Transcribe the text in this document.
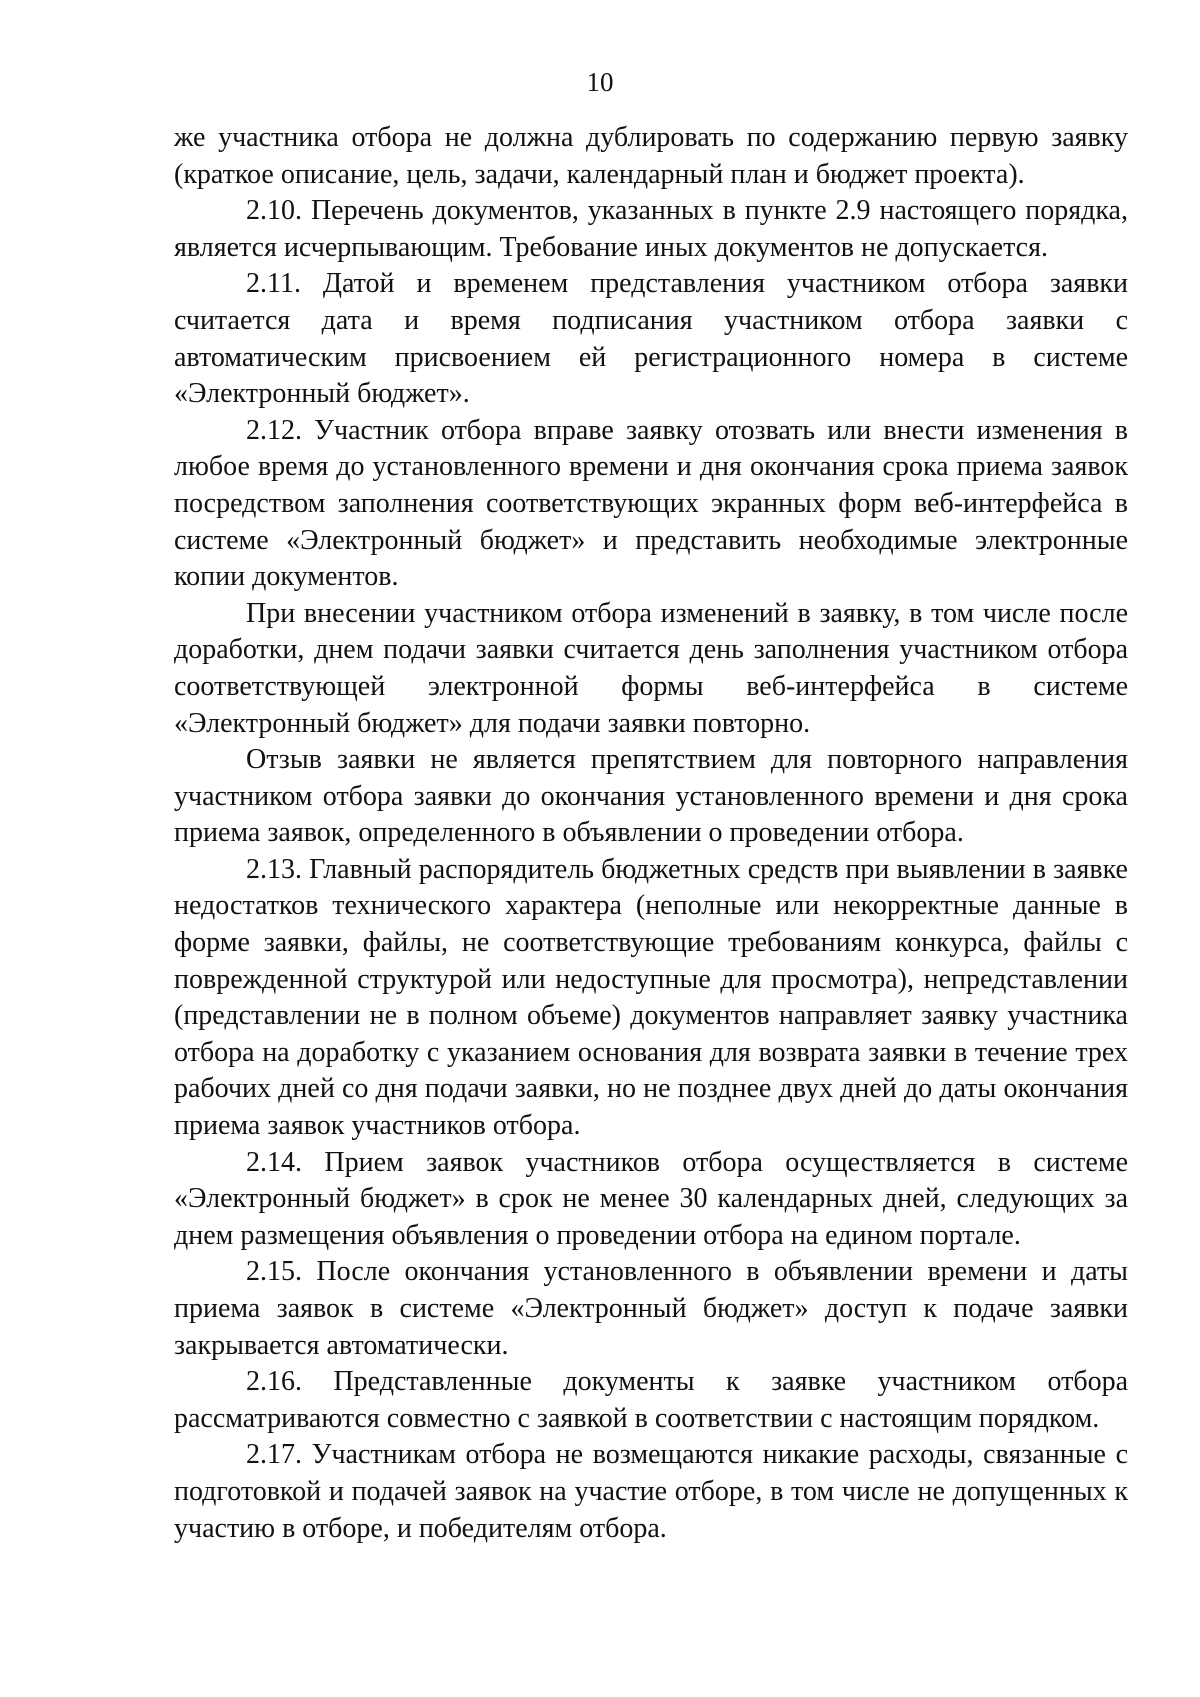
10

же участника отбора не должна дублировать по содержанию первую заявку (краткое описание, цель, задачи, календарный план и бюджет проекта).

2.10. Перечень документов, указанных в пункте 2.9 настоящего порядка, является исчерпывающим. Требование иных документов не допускается.

2.11. Датой и временем представления участником отбора заявки считается дата и время подписания участником отбора заявки с автоматическим присвоением ей регистрационного номера в системе «Электронный бюджет».

2.12. Участник отбора вправе заявку отозвать или внести изменения в любое время до установленного времени и дня окончания срока приема заявок посредством заполнения соответствующих экранных форм веб-интерфейса в системе «Электронный бюджет» и представить необходимые электронные копии документов.

При внесении участником отбора изменений в заявку, в том числе после доработки, днем подачи заявки считается день заполнения участником отбора соответствующей электронной формы веб-интерфейса в системе «Электронный бюджет» для подачи заявки повторно.

Отзыв заявки не является препятствием для повторного направления участником отбора заявки до окончания установленного времени и дня срока приема заявок, определенного в объявлении о проведении отбора.

2.13. Главный распорядитель бюджетных средств при выявлении в заявке недостатков технического характера (неполные или некорректные данные в форме заявки, файлы, не соответствующие требованиям конкурса, файлы с поврежденной структурой или недоступные для просмотра), непредставлении (представлении не в полном объеме) документов направляет заявку участника отбора на доработку с указанием основания для возврата заявки в течение трех рабочих дней со дня подачи заявки, но не позднее двух дней до даты окончания приема заявок участников отбора.

2.14. Прием заявок участников отбора осуществляется в системе «Электронный бюджет» в срок не менее 30 календарных дней, следующих за днем размещения объявления о проведении отбора на едином портале.

2.15. После окончания установленного в объявлении времени и даты приема заявок в системе «Электронный бюджет» доступ к подаче заявки закрывается автоматически.

2.16. Представленные документы к заявке участником отбора рассматриваются совместно с заявкой в соответствии с настоящим порядком.

2.17. Участникам отбора не возмещаются никакие расходы, связанные с подготовкой и подачей заявок на участие отборе, в том числе не допущенных к участию в отборе, и победителям отбора.
